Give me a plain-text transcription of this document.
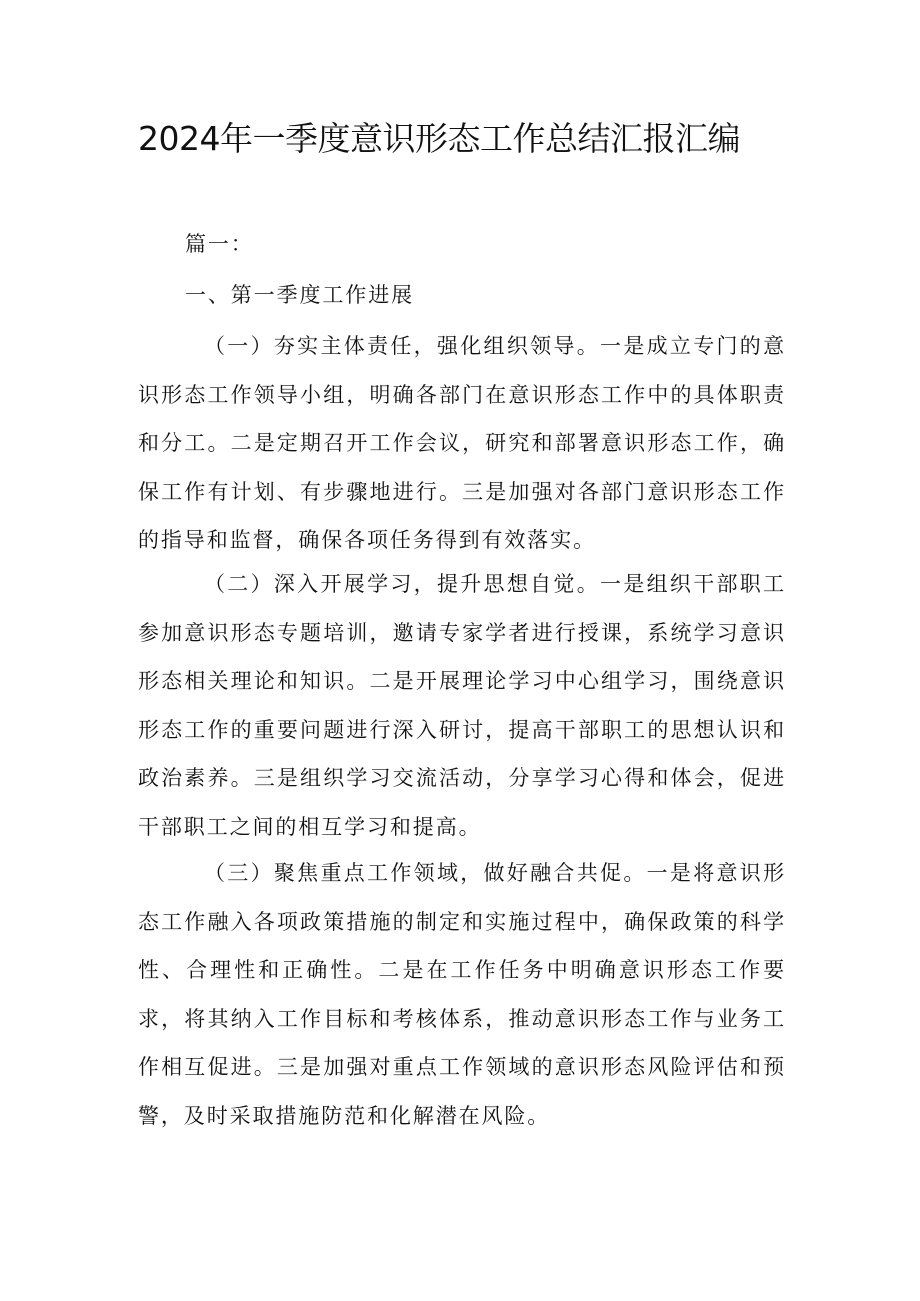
2024年一季度意识形态工作总结汇报汇编

篇一：

一、第一季度工作进展

（一）夯实主体责任，强化组织领导。一是成立专门的意识形态工作领导小组，明确各部门在意识形态工作中的具体职责和分工。二是定期召开工作会议，研究和部署意识形态工作，确保工作有计划、有步骤地进行。三是加强对各部门意识形态工作的指导和监督，确保各项任务得到有效落实。

（二）深入开展学习，提升思想自觉。一是组织干部职工参加意识形态专题培训，邀请专家学者进行授课，系统学习意识形态相关理论和知识。二是开展理论学习中心组学习，围绕意识形态工作的重要问题进行深入研讨，提高干部职工的思想认识和政治素养。三是组织学习交流活动，分享学习心得和体会，促进干部职工之间的相互学习和提高。

（三）聚焦重点工作领域，做好融合共促。一是将意识形态工作融入各项政策措施的制定和实施过程中，确保政策的科学性、合理性和正确性。二是在工作任务中明确意识形态工作要求，将其纳入工作目标和考核体系，推动意识形态工作与业务工作相互促进。三是加强对重点工作领域的意识形态风险评估和预警，及时采取措施防范和化解潜在风险。
